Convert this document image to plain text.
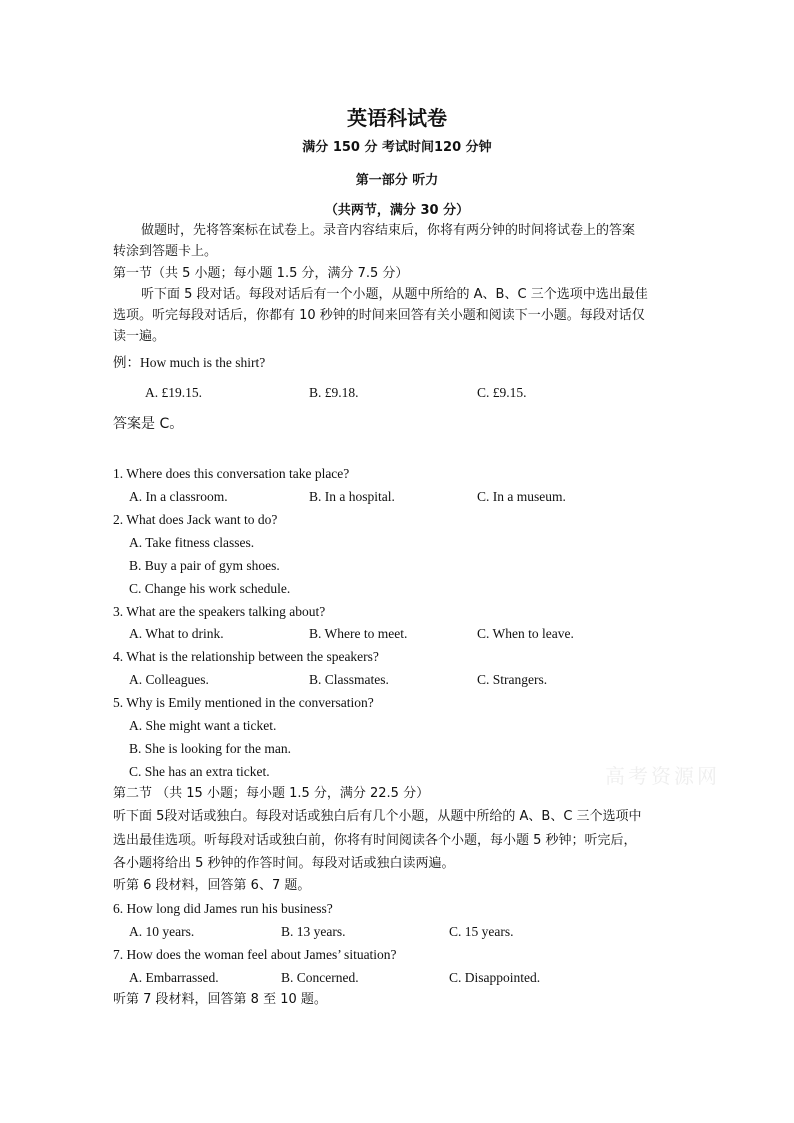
英语科试卷
满分 150 分 考试时间120 分钟
第一部分 听力
（共两节，满分 30 分）
做题时，先将答案标在试卷上。录音内容结束后，你将有两分钟的时间将试卷上的答案
转涂到答题卡上。
第一节（共 5 小题；每小题 1.5 分，满分 7.5 分）
听下面 5 段对话。每段对话后有一个小题，从题中所给的 A、B、C 三个选项中选出最佳
选项。听完每段对话后，你都有 10 秒钟的时间来回答有关小题和阅读下一小题。每段对话仅
读一遍。
例：How much is the shirt?
A. £19.15.	B. £9.18.	C. £9.15.
答案是 C。
1. Where does this conversation take place?
A. In a classroom.	B. In a hospital.	C. In a museum.
2. What does Jack want to do?
A. Take fitness classes.
B. Buy a pair of gym shoes.
C. Change his work schedule.
3. What are the speakers talking about?
A. What to drink.	B. Where to meet.	C. When to leave.
4. What is the relationship between the speakers?
A. Colleagues.	B. Classmates.	C. Strangers.
5. Why is Emily mentioned in the conversation?
A. She might want a ticket.
B. She is looking for the man.
C. She has an extra ticket.
第二节 （共 15 小题；每小题 1.5 分，满分 22.5 分）
听下面 5段对话或独白。每段对话或独白后有几个小题，从题中所给的 A、B、C 三个选项中
选出最佳选项。听每段对话或独白前，你将有时间阅读各个小题，每小题 5 秒钟；听完后，
各小题将给出 5 秒钟的作答时间。每段对话或独白读两遍。
听第 6 段材料，回答第 6、7 题。
6. How long did James run his business?
A. 10 years.	B. 13 years.	C. 15 years.
7. How does the woman feel about James’ situation?
A. Embarrassed.	B. Concerned.	C. Disappointed.
听第 7 段材料，回答第 8 至 10 题。
高考资源网
